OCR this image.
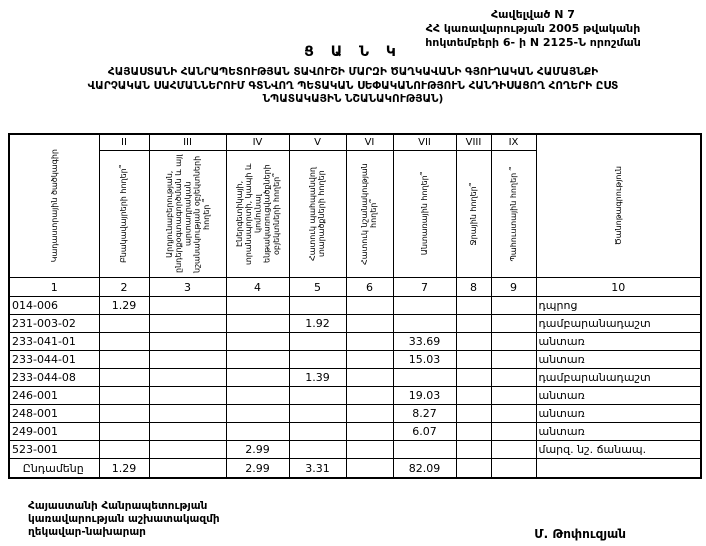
Հավելված N 7
ՀՀ կառավարության 2005 թվականի
հոկտեմբերի 6- ի N 2125-Ն որոշման
Ց Ա Ն Կ
ՀԱՅԱՍՏԱՆԻ ՀԱՆՐԱՊԵՏՈՒԹՅԱՆ ՏԱՎՈՒՇԻ ՄԱՐԶԻ ԾԱՂԿԱՎԱՆԻ ԳՅՈՒՂԱԿԱՆ ՀԱՄԱՅՆՔԻ
ՎԱՐՉԱԿԱՆ ՍԱՀՄԱՆՆԵՐՈՒՄ ԳՏՆՎՈՂ ՊԵՏԱԿԱՆ ՍԵՓԱԿԱՆՈՒԹՅՈՒՆ ՀԱՆԴԻՍԱՑՈՂ ՀՈՂԵՐԻ ԸՍՏ
ՆՊԱՏԱԿԱՅԻՆ ՆՇԱՆԱԿՈՒԹՅԱՆ)
Կադաստրային ծածկագիր	II	III	IV	V	VI	VII	VIII	IX	Ծանոթագրություն

	Բնակավայրերի հողեր՞	Արդյունաբերության, ընդերքօգտագործման և այլ արտադրական նշանակության օբյեկտների հողեր ՞	Էներգետիկայի, տրանսպորտի, կապի և կոմունալ ենթակառուցվածքների օբյեկտների հողեր՞	Հատուկ պահպանվող տարածքների հողեր	Հատուկ նշանակության հողեր՞	Անտառային հողեր՞	Ջրային հողեր՞	Պահուստային հողեր ՞	

1	2	3	4	5	6	7	8	9	10
014-006	1.29								դպրոց
231-003-02				1.92					դամբարանադաշտ
233-041-01						33.69			անտառ
233-044-01						15.03			անտառ
233-044-08				1.39					դամբարանադաշտ
246-001						19.03			անտառ
248-001						8.27			անտառ
249-001						6.07			անտառ
523-001			2.99						մարզ. նշ. ճանապ.
Ընդամենը	1.29		2.99	3.31		82.09			
Հայաստանի Հանրապետության
կառավարության աշխատակազմի
ղեկավար-նախարար	Մ. Թոփուզյան
